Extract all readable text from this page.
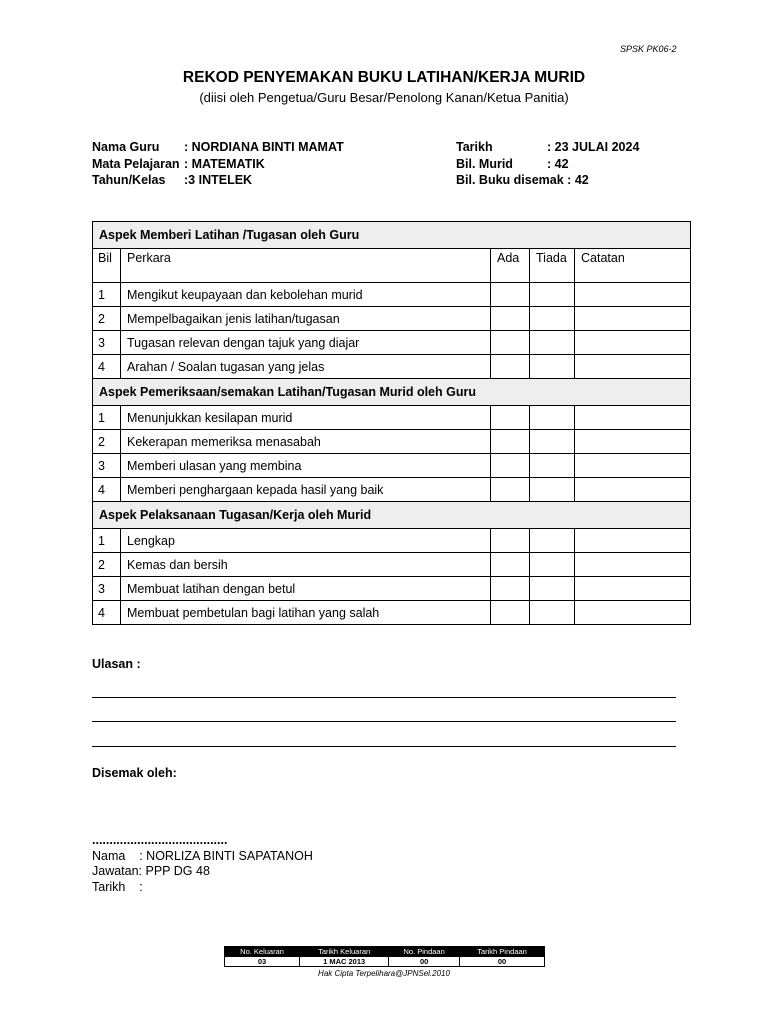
SPSK PK06-2
REKOD PENYEMAKAN BUKU LATIHAN/KERJA MURID
(diisi oleh Pengetua/Guru Besar/Penolong Kanan/Ketua Panitia)
Nama Guru : NORDIANA BINTI MAMAT
Mata Pelajaran : MATEMATIK
Tahun/Kelas :3 INTELEK
Tarikh	: 23 JULAI 2024
Bil. Murid	: 42
Bil. Buku disemak : 42
Aspek Memberi Latihan /Tugasan oleh Guru				
Bil	Perkara	Ada	Tiada	Catatan
1	Mengikut keupayaan dan kebolehan murid			
2	Mempelbagaikan jenis latihan/tugasan			
3	Tugasan relevan dengan tajuk yang diajar			
4	Arahan / Soalan tugasan yang jelas			
Aspek Pemeriksaan/semakan Latihan/Tugasan Murid oleh Guru				
1	Menunjukkan kesilapan murid			
2	Kekerapan memeriksa menasabah			
3	Memberi ulasan yang membina			
4	Memberi penghargaan kepada hasil yang baik			
Aspek Pelaksanaan Tugasan/Kerja oleh Murid				
1	Lengkap			
2	Kemas dan bersih			
3	Membuat latihan dengan betul			
4	Membuat pembetulan bagi latihan yang salah			
Ulasan :
Disemak oleh:
.......................................
Nama    : NORLIZA BINTI SAPATANOH
Jawatan: PPP DG 48
Tarikh    :
No. Keluaran	Tarikh Keluaran	No. Pindaan	Tarikh Pindaan
03	1 MAC 2013	00	00
Hak Cipta Terpelihara@JPNSel.2010
